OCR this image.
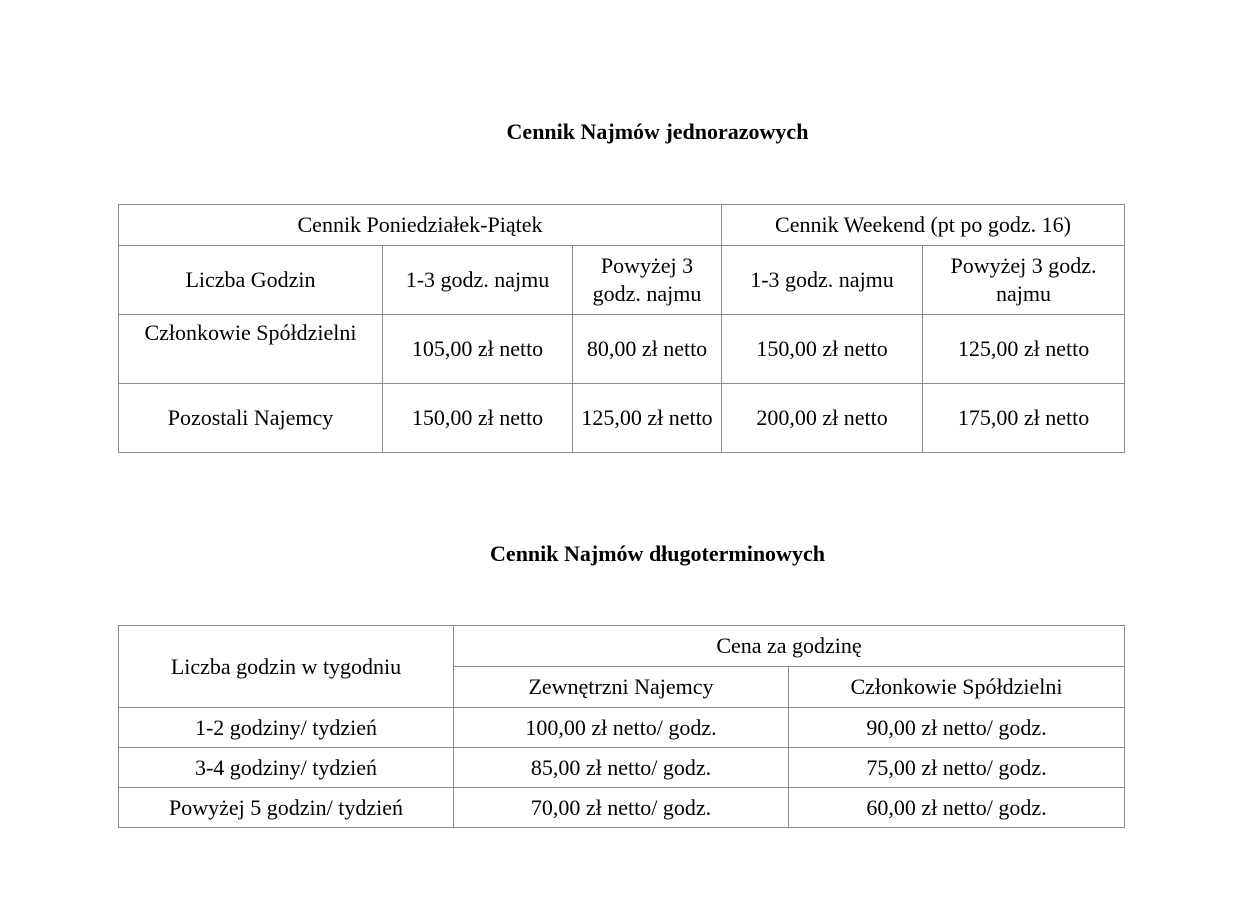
Cennik Najmów jednorazowych
Cennik Poniedziałek-Piątek			Cennik Weekend (pt po godz. 16)	
Liczba Godzin	1-3 godz. najmu	Powyżej 3 godz. najmu	1-3 godz. najmu	Powyżej 3 godz. najmu
Członkowie Spółdzielni	105,00 zł netto	80,00 zł netto	150,00 zł netto	125,00 zł netto
Pozostali Najemcy	150,00 zł netto	125,00 zł netto	200,00 zł netto	175,00 zł netto
Cennik Najmów długoterminowych
Liczba godzin w tygodniu	Cena za godzinę	
	Zewnętrzni Najemcy	Członkowie Spółdzielni
1-2 godziny/ tydzień	100,00 zł netto/ godz.	90,00 zł netto/ godz.
3-4 godziny/ tydzień	85,00 zł netto/ godz.	75,00 zł netto/ godz.
Powyżej 5 godzin/ tydzień	70,00 zł netto/ godz.	60,00 zł netto/ godz.
